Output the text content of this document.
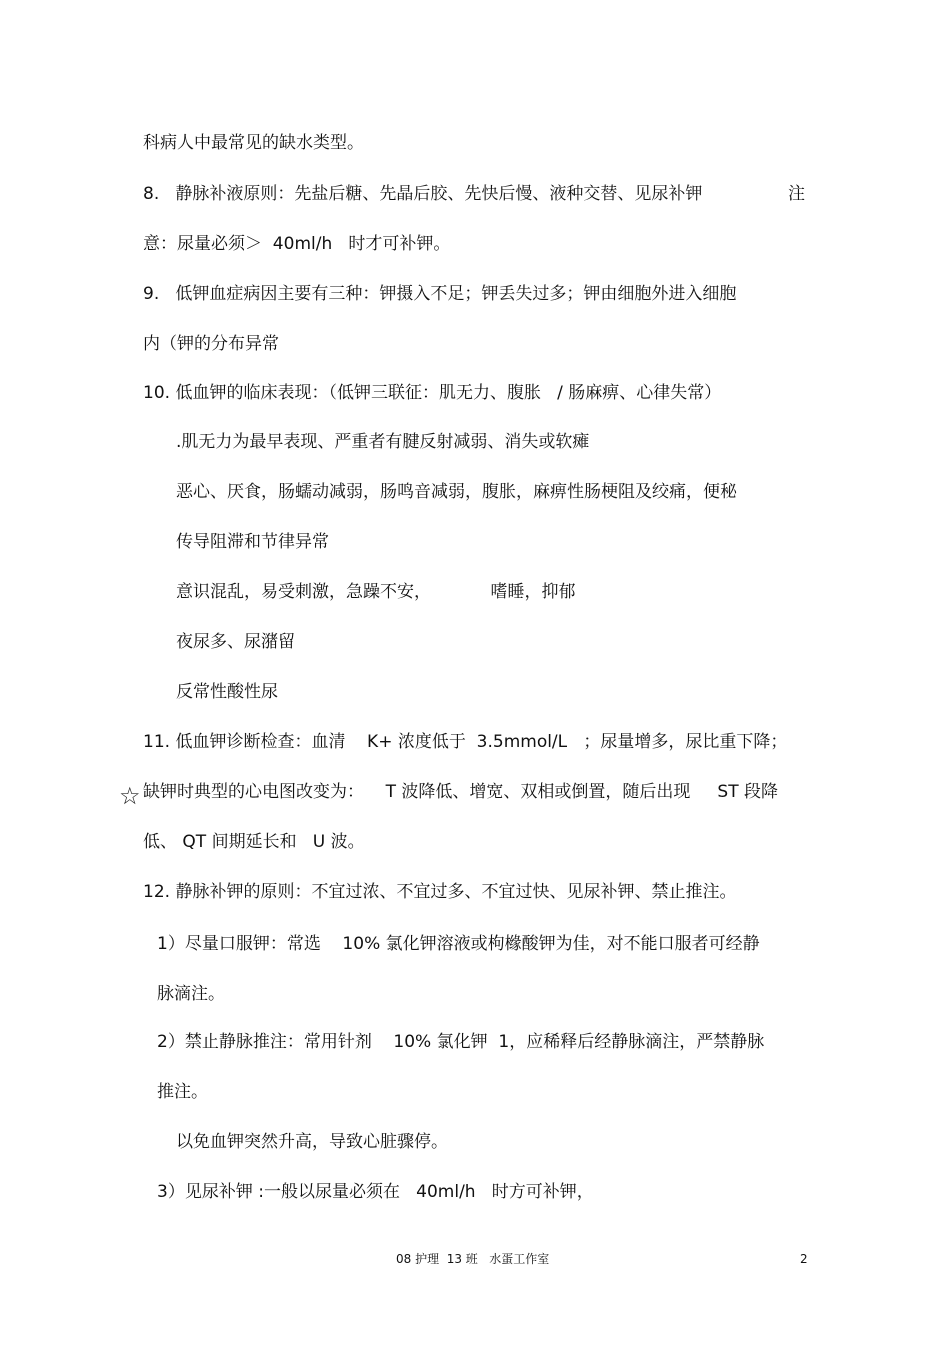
科病人中最常见的缺水类型。
8.   静脉补液原则：先盐后糖、先晶后胶、先快后慢、液种交替、见尿补钾	注
意：尿量必须＞  40ml/h   时才可补钾。
9.   低钾血症病因主要有三种：钾摄入不足；钾丢失过多；钾由细胞外进入细胞
内（钾的分布异常
10. 低血钾的临床表现：（低钾三联征：肌无力、腹胀   / 肠麻痹、心律失常）
.肌无力为最早表现、严重者有腱反射减弱、消失或软瘫
恶心、厌食，肠蠕动减弱，肠鸣音减弱，腹胀，麻痹性肠梗阻及绞痛，便秘
传导阻滞和节律异常
意识混乱，易受刺激，急躁不安，           嗜睡，抑郁
夜尿多、尿潴留
反常性酸性尿
11. 低血钾诊断检查：血清    K+ 浓度低于  3.5mmol/L   ；尿量增多，尿比重下降；
☆ 缺钾时典型的心电图改变为：    T 波降低、增宽、双相或倒置，随后出现     ST 段降
低、 QT 间期延长和   U 波。
12. 静脉补钾的原则：不宜过浓、不宜过多、不宜过快、见尿补钾、禁止推注。
1）尽量口服钾：常选    10% 氯化钾溶液或枸橼酸钾为佳，对不能口服者可经静
脉滴注。
2）禁止静脉推注：常用针剂    10% 氯化钾  1，应稀释后经静脉滴注，严禁静脉
推注。
以免血钾突然升高，导致心脏骤停。
3）见尿补钾 :一般以尿量必须在   40ml/h   时方可补钾，
08 护理  13 班   水蛋工作室	2
